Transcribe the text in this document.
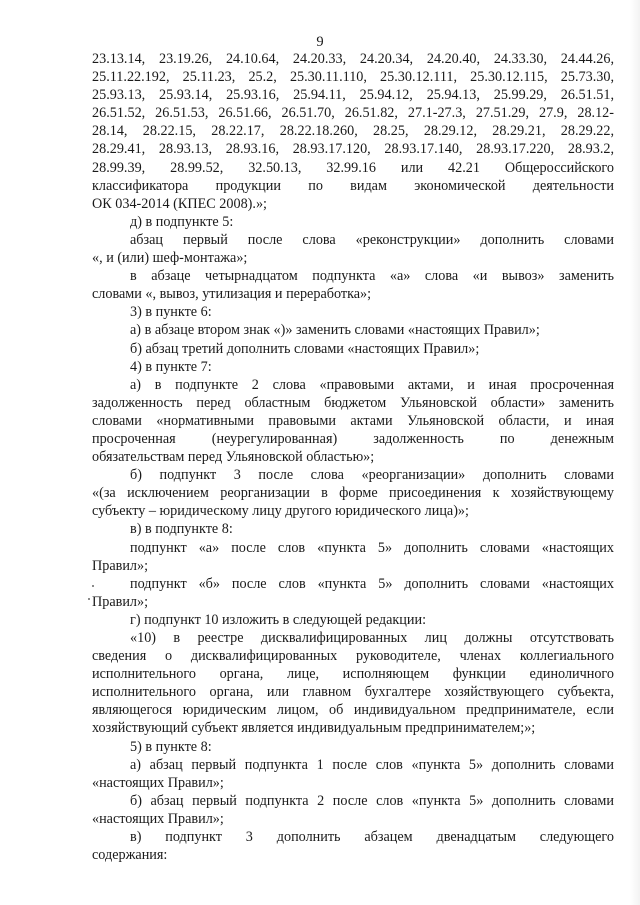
9
23.13.14, 23.19.26, 24.10.64, 24.20.33, 24.20.34, 24.20.40, 24.33.30, 24.44.26,
25.11.22.192, 25.11.23, 25.2, 25.30.11.110, 25.30.12.111, 25.30.12.115, 25.73.30,
25.93.13, 25.93.14, 25.93.16, 25.94.11, 25.94.12, 25.94.13, 25.99.29, 26.51.51,
26.51.52, 26.51.53, 26.51.66, 26.51.70, 26.51.82, 27.1-27.3, 27.51.29, 27.9, 28.12-
28.14, 28.22.15, 28.22.17, 28.22.18.260, 28.25, 28.29.12, 28.29.21, 28.29.22,
28.29.41, 28.93.13, 28.93.16, 28.93.17.120, 28.93.17.140, 28.93.17.220, 28.93.2,
28.99.39, 28.99.52, 32.50.13, 32.99.16 или 42.21 Общероссийского
классификатора продукции по видам экономической деятельности
ОК 034-2014 (КПЕС 2008).»;
д) в подпункте 5:
абзац первый после слова «реконструкции» дополнить словами
«, и (или) шеф-монтажа»;
в абзаце четырнадцатом подпункта «а» слова «и вывоз» заменить
словами «, вывоз, утилизация и переработка»;
3) в пункте 6:
а) в абзаце втором знак «)» заменить словами «настоящих Правил»;
б) абзац третий дополнить словами «настоящих Правил»;
4) в пункте 7:
а) в подпункте 2 слова «правовыми актами, и иная просроченная
задолженность перед областным бюджетом Ульяновской области» заменить
словами «нормативными правовыми актами Ульяновской области, и иная
просроченная (неурегулированная) задолженность по денежным
обязательствам перед Ульяновской областью»;
б) подпункт 3 после слова «реорганизации» дополнить словами
«(за исключением реорганизации в форме присоединения к хозяйствующему
субъекту – юридическому лицу другого юридического лица)»;
в) в подпункте 8:
подпункт «а» после слов «пункта 5» дополнить словами «настоящих
Правил»;
подпункт «б» после слов «пункта 5» дополнить словами «настоящих
Правил»;
г) подпункт 10 изложить в следующей редакции:
«10) в реестре дисквалифицированных лиц должны отсутствовать
сведения о дисквалифицированных руководителе, членах коллегиального
исполнительного органа, лице, исполняющем функции единоличного
исполнительного органа, или главном бухгалтере хозяйствующего субъекта,
являющегося юридическим лицом, об индивидуальном предпринимателе, если
хозяйствующий субъект является индивидуальным предпринимателем;»;
5) в пункте 8:
а) абзац первый подпункта 1 после слов «пункта 5» дополнить словами
«настоящих Правил»;
б) абзац первый подпункта 2 после слов «пункта 5» дополнить словами
«настоящих Правил»;
в) подпункт 3 дополнить абзацем двенадцатым следующего
содержания:
